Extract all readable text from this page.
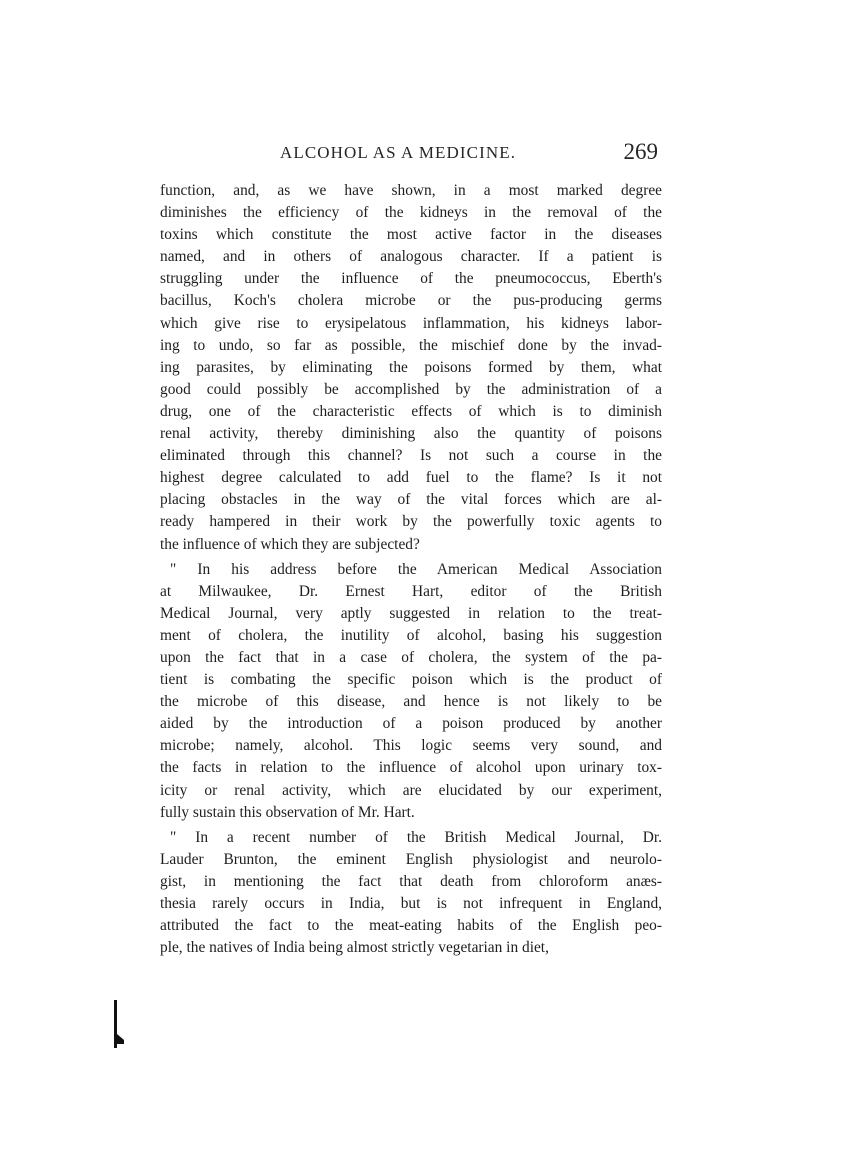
ALCOHOL AS A MEDICINE.	269
function, and, as we have shown, in a most marked degree
diminishes the efficiency of the kidneys in the removal of the
toxins which constitute the most active factor in the diseases
named, and in others of analogous character. If a patient is
struggling under the influence of the pneumococcus, Eberth's
bacillus, Koch's cholera microbe or the pus-producing germs
which give rise to erysipelatous inflammation, his kidneys labor-
ing to undo, so far as possible, the mischief done by the invad-
ing parasites, by eliminating the poisons formed by them, what
good could possibly be accomplished by the administration of a
drug, one of the characteristic effects of which is to diminish
renal activity, thereby diminishing also the quantity of poisons
eliminated through this channel? Is not such a course in the
highest degree calculated to add fuel to the flame? Is it not
placing obstacles in the way of the vital forces which are al-
ready hampered in their work by the powerfully toxic agents to
the influence of which they are subjected?
" In his address before the American Medical Association
at Milwaukee, Dr. Ernest Hart, editor of the British
Medical Journal, very aptly suggested in relation to the treat-
ment of cholera, the inutility of alcohol, basing his suggestion
upon the fact that in a case of cholera, the system of the pa-
tient is combating the specific poison which is the product of
the microbe of this disease, and hence is not likely to be
aided by the introduction of a poison produced by another
microbe; namely, alcohol. This logic seems very sound, and
the facts in relation to the influence of alcohol upon urinary tox-
icity or renal activity, which are elucidated by our experiment,
fully sustain this observation of Mr. Hart.
" In a recent number of the British Medical Journal, Dr.
Lauder Brunton, the eminent English physiologist and neurolo-
gist, in mentioning the fact that death from chloroform anæs-
thesia rarely occurs in India, but is not infrequent in England,
attributed the fact to the meat-eating habits of the English peo-
ple, the natives of India being almost strictly vegetarian in diet,
